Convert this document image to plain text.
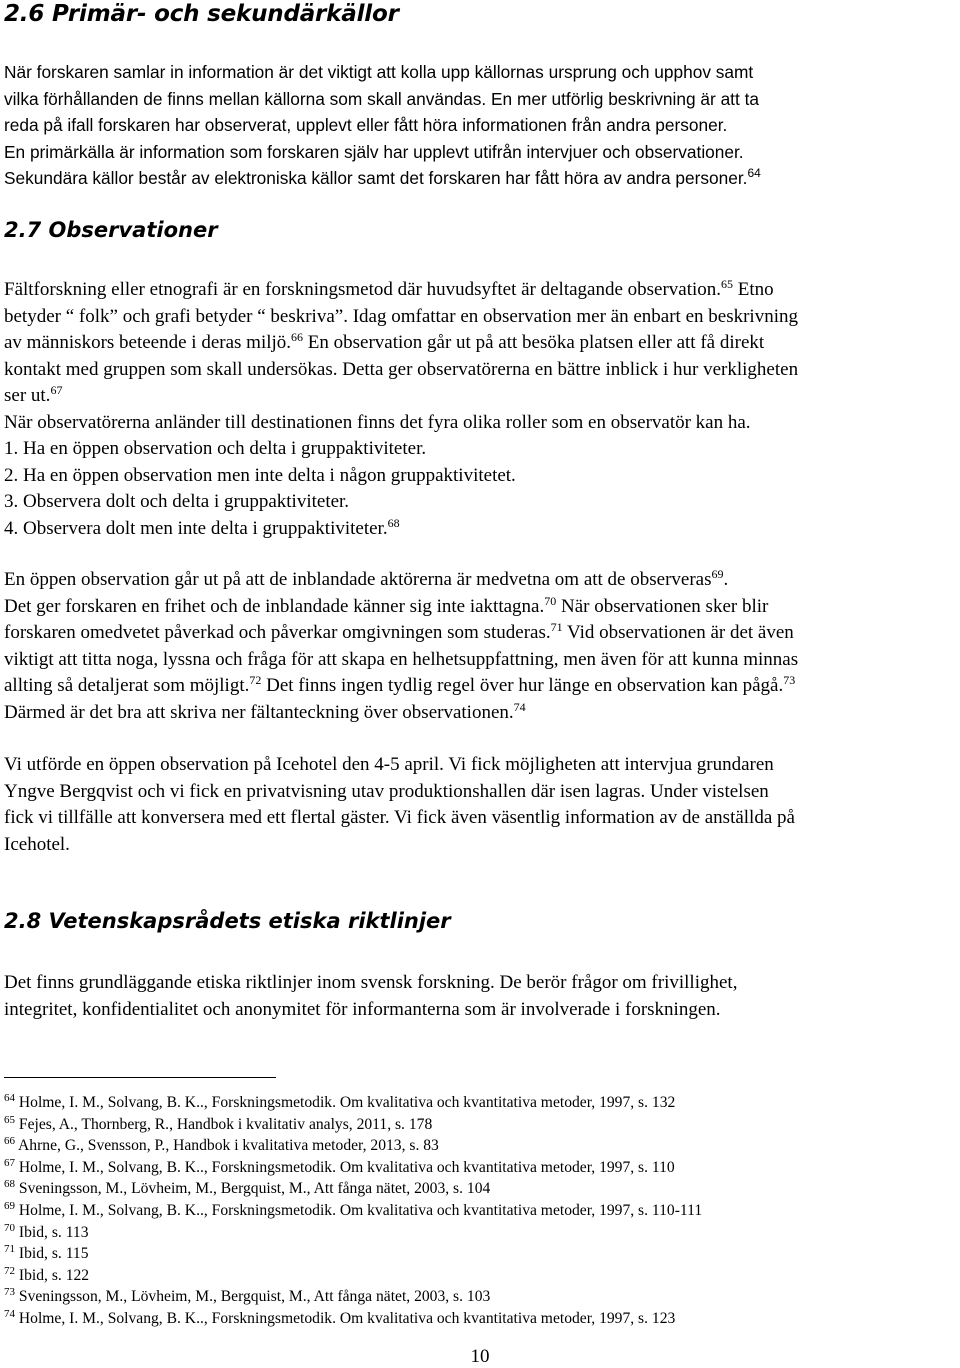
2.6 Primär- och sekundärkällor

När forskaren samlar in information är det viktigt att kolla upp källornas ursprung och upphov samt

vilka förhållanden de finns mellan källorna som skall användas. En mer utförlig beskrivning är att ta

reda på ifall forskaren har observerat, upplevt eller fått höra informationen från andra personer.

En primärkälla är information som forskaren själv har upplevt utifrån intervjuer och observationer.

Sekundära källor består av elektroniska källor samt det forskaren har fått höra av andra personer.$^{64}$

2.7 Observationer

Fältforskning eller etnografi är en forskningsmetod där huvudsyftet är deltagande observation.$^{65}$ Etno

betyder “ folk” och grafi betyder “ beskriva”. Idag omfattar en observation mer än enbart en beskrivning

av människors beteende i deras miljö.$^{66}$ En observation går ut på att besöka platsen eller att få direkt

kontakt med gruppen som skall undersökas. Detta ger observatörerna en bättre inblick i hur verkligheten

ser ut.$^{67}$

När observatörerna anländer till destinationen finns det fyra olika roller som en observatör kan ha.

1. Ha en öppen observation och delta i gruppaktiviteter.

2. Ha en öppen observation men inte delta i någon gruppaktivitetet.

3. Observera dolt och delta i gruppaktiviteter.

4. Observera dolt men inte delta i gruppaktiviteter.$^{68}$

En öppen observation går ut på att de inblandade aktörerna är medvetna om att de observeras$^{69}$.

Det ger forskaren en frihet och de inblandade känner sig inte iakttagna.$^{70}$ När observationen sker blir

forskaren omedvetet påverkad och påverkar omgivningen som studeras.$^{71}$ Vid observationen är det även

viktigt att titta noga, lyssna och fråga för att skapa en helhetsuppfattning, men även för att kunna minnas

allting så detaljerat som möjligt.$^{72}$ Det finns ingen tydlig regel över hur länge en observation kan pågå.$^{73}$

Därmed är det bra att skriva ner fältanteckning över observationen.$^{74}$

Vi utförde en öppen observation på Icehotel den 4-5 april. Vi fick möjligheten att intervjua grundaren

Yngve Bergqvist och vi fick en privatvisning utav produktionshallen där isen lagras. Under vistelsen

fick vi tillfälle att konversera med ett flertal gäster. Vi fick även väsentlig information av de anställda på

Icehotel.

2.8 Vetenskapsrådets etiska riktlinjer

Det finns grundläggande etiska riktlinjer inom svensk forskning. De berör frågor om frivillighet,

integritet, konfidentialitet och anonymitet för informanterna som är involverade i forskningen.

$^{64}$ Holme, I. M., Solvang, B. K.., Forskningsmetodik. Om kvalitativa och kvantitativa metoder, 1997, s. 132

$^{65}$ Fejes, A., Thornberg, R., Handbok i kvalitativ analys, 2011, s. 178

$^{66}$ Ahrne, G., Svensson, P., Handbok i kvalitativa metoder, 2013, s. 83

$^{67}$ Holme, I. M., Solvang, B. K.., Forskningsmetodik. Om kvalitativa och kvantitativa metoder, 1997, s. 110

$^{68}$ Sveningsson, M., Lövheim, M., Bergquist, M., Att fånga nätet, 2003, s. 104

$^{69}$ Holme, I. M., Solvang, B. K.., Forskningsmetodik. Om kvalitativa och kvantitativa metoder, 1997, s. 110-111

$^{70}$ Ibid, s. 113

$^{71}$ Ibid, s. 115

$^{72}$ Ibid, s. 122

$^{73}$ Sveningsson, M., Lövheim, M., Bergquist, M., Att fånga nätet, 2003, s. 103

$^{74}$ Holme, I. M., Solvang, B. K.., Forskningsmetodik. Om kvalitativa och kvantitativa metoder, 1997, s. 123

10
